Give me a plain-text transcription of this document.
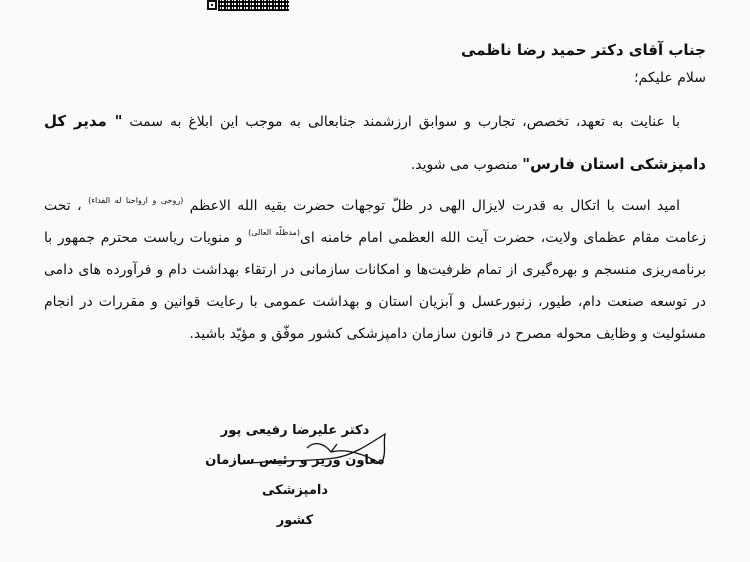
جناب آقای دکتر حمید رضا ناظمی

سلام علیکم؛

با عنایت به تعهد، تخصص، تجارب و سوابق ارزشمند جنابعالی به موجب این ابلاغ به سمت " مدیر کل دامپزشکی استان فارس" منصوب می شوید.

امید است با اتکال به قدرت لایزال الهی در ظلّ توجهات حضرت بقیه الله الاعظم $^{(روحی و ارواحنا له الفداء)}$ ، تحت زعامت مقام عظمای ولایت، حضرت آیت الله العظمی امام خامنه ای$^{(مدظلّه العالی)}$ و منویات ریاست محترم جمهور با برنامه‌ریزی منسجم و بهره‌گیری از تمام ظرفیت‌ها و امکانات سازمانی در ارتقاء بهداشت دام و فرآورده های دامی در توسعه صنعت دام، طیور، زنبورعسل و آبزیان استان و بهداشت عمومی با رعایت قوانین و مقررات در انجام مسئولیت و وظایف محوله مصرح در قانون سازمان دامپزشکی کشور موفّق و مؤیّد باشید.

دکتر علیرضا رفیعی پور
معاون وزیر و رئیس سازمان دامپزشکی
کشور
